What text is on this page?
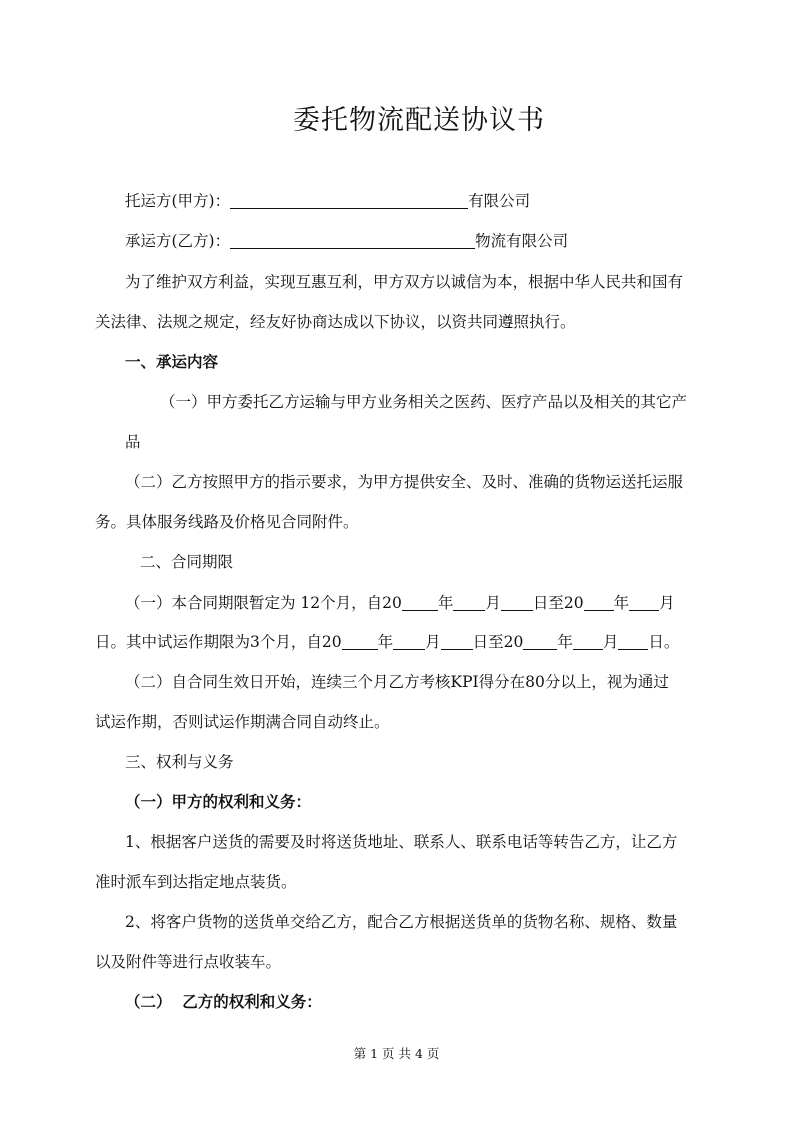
委托物流配送协议书
托运方(甲方)：	有限公司
承运方(乙方)：	物流有限公司
为了维护双方利益，实现互惠互利，甲方双方以诚信为本，根据中华人民共和国有
关法律、法规之规定，经友好协商达成以下协议，以资共同遵照执行。
一、承运内容
（一）甲方委托乙方运输与甲方业务相关之医药、医疗产品以及相关的其它产
品
（二）乙方按照甲方的指示要求，为甲方提供安全、及时、准确的货物运送托运服
务。具体服务线路及价格见合同附件。
二、合同期限
（一）本合同期限暂定为 12个月，自20 年 月 日至20 年 月
日。其中试运作期限为3个月，自20 年 月 日至20 年 月 日。
（二）自合同生效日开始，连续三个月乙方考核KPI得分在80分以上，视为通过
试运作期，否则试运作期满合同自动终止。
三、权利与义务
（一）甲方的权利和义务：
1、根据客户送货的需要及时将送货地址、联系人、联系电话等转告乙方，让乙方
准时派车到达指定地点装货。
2、将客户货物的送货单交给乙方，配合乙方根据送货单的货物名称、规格、数量
以及附件等进行点收装车。
（二）  乙方的权利和义务：
第 1 页 共 4 页
